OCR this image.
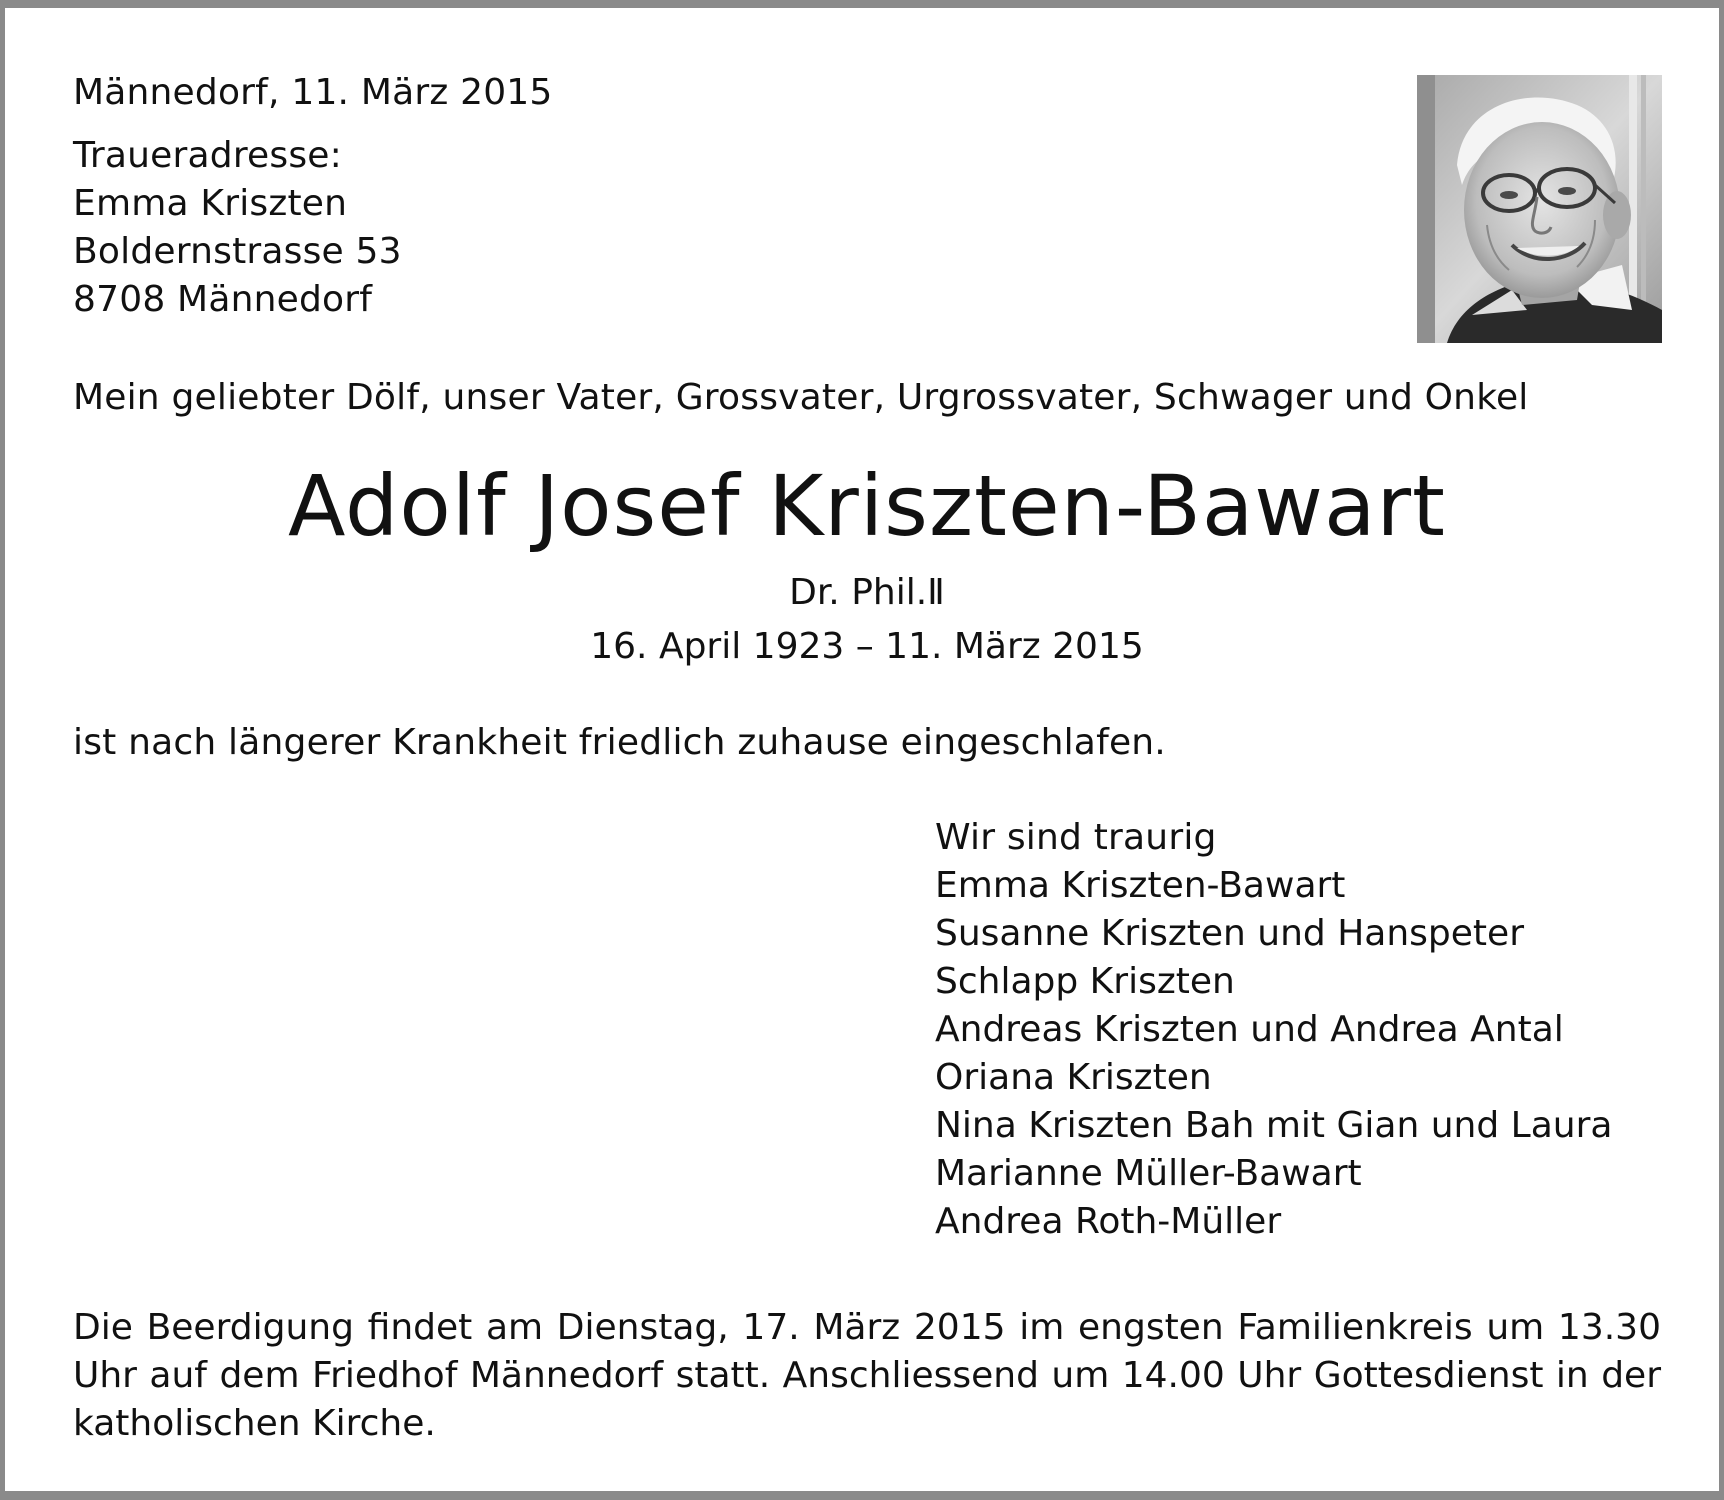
Männedorf, 11. März 2015
Traueradresse:
Emma Kriszten
Boldernstrasse 53
8708 Männedorf
Mein geliebter Dölf, unser Vater, Grossvater, Urgrossvater, Schwager und Onkel
Adolf Josef Kriszten-Bawart
Dr. Phil.Ⅱ
16. April 1923 – 11. März 2015
ist nach längerer Krankheit friedlich zuhause eingeschlafen.
Wir sind traurig
Emma Kriszten-Bawart
Susanne Kriszten und Hanspeter
Schlapp Kriszten
Andreas Kriszten und Andrea Antal
Oriana Kriszten
Nina Kriszten Bah mit Gian und Laura
Marianne Müller-Bawart
Andrea Roth-Müller

Die Beerdigung findet am Dienstag, 17. März 2015 im engsten Familienkreis um 13.30 Uhr auf dem Friedhof Männedorf statt. Anschliessend um 14.00 Uhr Gottesdienst in der katholischen Kirche.
